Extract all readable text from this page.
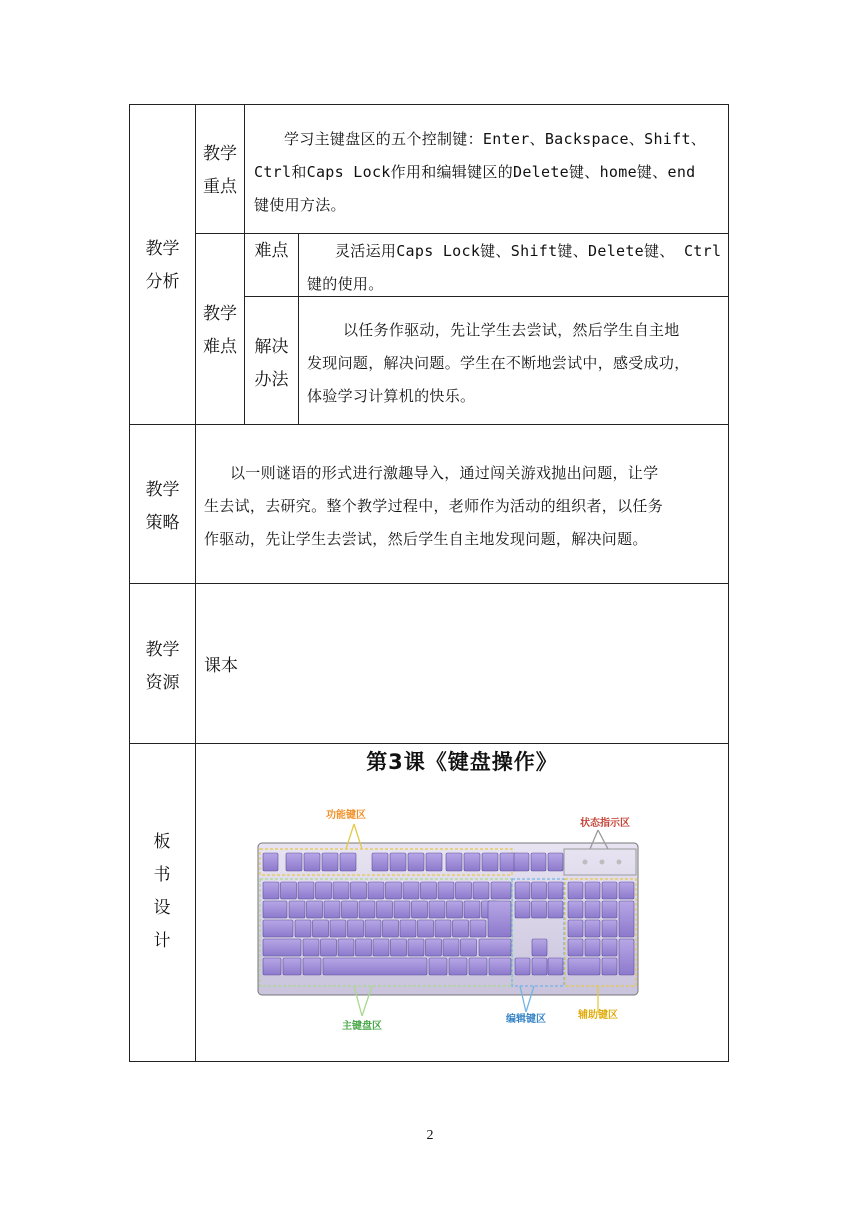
教学
分析
教学
重点
学习主键盘区的五个控制键：Enter、Backspace、Shift、
Ctrl和Caps Lock作用和编辑键区的Delete键、home键、end
键使用方法。
教学
难点
难点	灵活运用Caps Lock键、Shift键、Delete键、 Ctrl
键的使用。
解决
办法
以任务作驱动，先让学生去尝试，然后学生自主地
发现问题，解决问题。学生在不断地尝试中，感受成功，
体验学习计算机的快乐。
教学
策略
以一则谜语的形式进行激趣导入，通过闯关游戏抛出问题，让学
生去试，去研究。整个教学过程中，老师作为活动的组织者，以任务
作驱动，先让学生去尝试，然后学生自主地发现问题，解决问题。
教学
资源
课本
板
书
设
计
第3课《键盘操作》
功能键区
状态指示区
主键盘区
编辑键区	辅助键区
2
